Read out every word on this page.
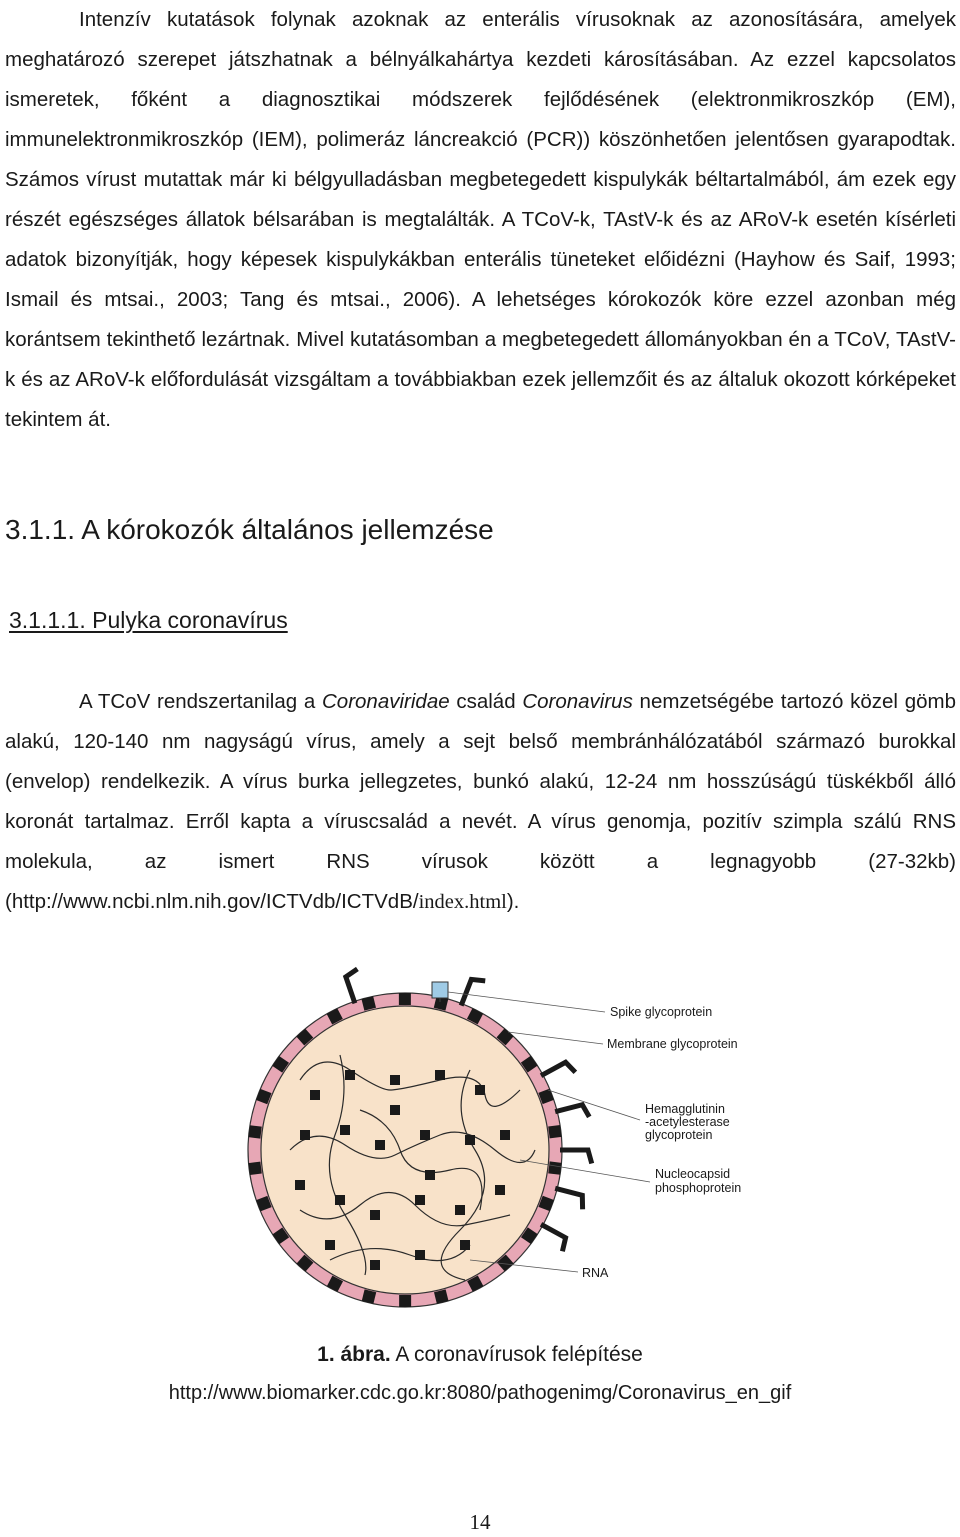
Intenzív kutatások folynak azoknak az enterális vírusoknak az azonosítására, amelyek meghatározó szerepet játszhatnak a bélnyálkahártya kezdeti károsításában. Az ezzel kapcsolatos ismeretek, főként a diagnosztikai módszerek fejlődésének (elektronmikroszkóp (EM), immunelektronmikroszkóp (IEM), polimeráz láncreakció (PCR)) köszönhetően jelentősen gyarapodtak. Számos vírust mutattak már ki bélgyulladásban megbetegedett kispulykák béltartalmából, ám ezek egy részét egészséges állatok bélsarában is megtalálták. A TCoV-k, TAstV-k és az ARoV-k esetén kísérleti adatok bizonyítják, hogy képesek kispulykákban enterális tüneteket előidézni (Hayhow és Saif, 1993; Ismail és mtsai., 2003; Tang és mtsai., 2006). A lehetséges kórokozók köre ezzel azonban még korántsem tekinthető lezártnak. Mivel kutatásomban a megbetegedett állományokban én a TCoV, TAstV-k és az ARoV-k előfordulását vizsgáltam a továbbiakban ezek jellemzőit és az általuk okozott kórképeket tekintem át.

3.1.1. A kórokozók általános jellemzése
3.1.1.1. Pulyka coronavírus

A TCoV rendszertanilag a Coronaviridae család Coronavirus nemzetségébe tartozó közel gömb alakú, 120-140 nm nagyságú vírus, amely a sejt belső membránhálózatából származó burokkal (envelop) rendelkezik. A vírus burka jellegzetes, bunkó alakú, 12-24 nm hosszúságú tüskékből álló koronát tartalmaz. Erről kapta a víruscsalád a nevét. A vírus genomja, pozitív szimpla szálú RNS molekula, az ismert RNS vírusok között a legnagyobb (27-32kb) (http://www.ncbi.nlm.nih.gov/ICTVdb/ICTVdB/index.html).

Spike glycoprotein
Membrane glycoprotein
Hemagglutinin
-acetylesterase
glycoprotein
Nucleocapsid
phosphoprotein
RNA
1. ábra. A coronavírusok felépítése
http://www.biomarker.cdc.go.kr:8080/pathogenimg/Coronavirus_en_gif
14
